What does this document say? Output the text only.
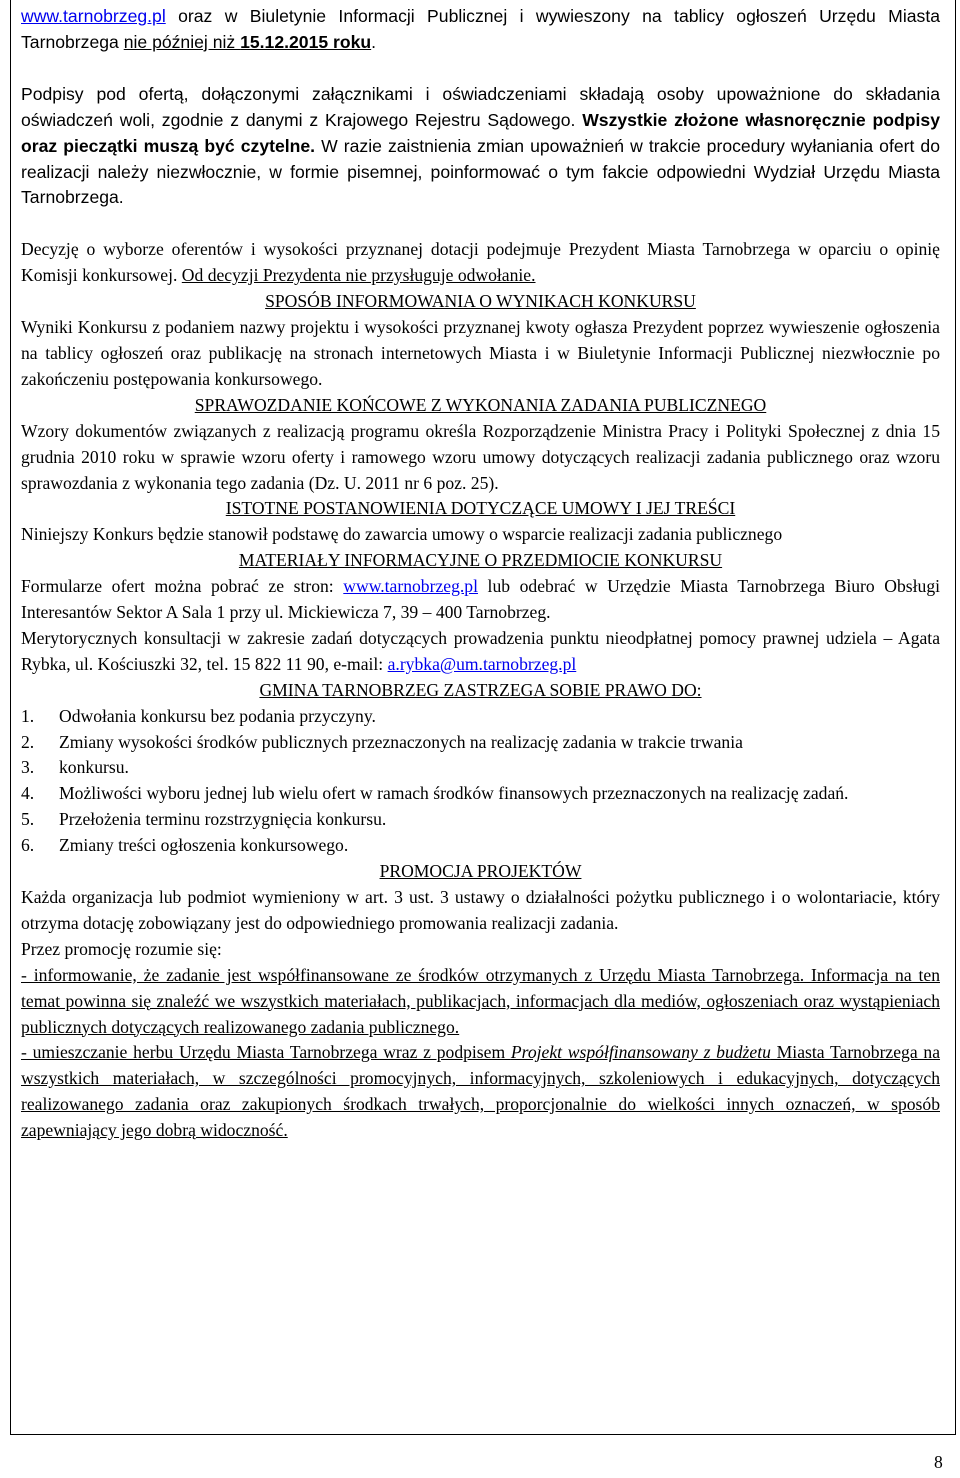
www.tarnobrzeg.pl oraz w Biuletynie Informacji Publicznej i wywieszony na tablicy ogłoszeń Urzędu Miasta Tarnobrzega nie później niż 15.12.2015 roku.

Podpisy pod ofertą, dołączonymi załącznikami i oświadczeniami składają osoby upoważnione do składania oświadczeń woli, zgodnie z danymi z Krajowego Rejestru Sądowego. Wszystkie złożone własnoręcznie podpisy oraz pieczątki muszą być czytelne. W razie zaistnienia zmian upoważnień w trakcie procedury wyłaniania ofert do realizacji należy niezwłocznie, w formie pisemnej, poinformować o tym fakcie odpowiedni Wydział Urzędu Miasta Tarnobrzega.

Decyzję o wyborze oferentów i wysokości przyznanej dotacji podejmuje Prezydent Miasta Tarnobrzega w oparciu o opinię Komisji konkursowej. Od decyzji Prezydenta nie przysługuje odwołanie.

SPOSÓB INFORMOWANIA O WYNIKACH KONKURSU

Wyniki Konkursu z podaniem nazwy projektu i wysokości przyznanej kwoty ogłasza Prezydent poprzez wywieszenie ogłoszenia na tablicy ogłoszeń oraz publikację na stronach internetowych Miasta i w Biuletynie Informacji Publicznej niezwłocznie po zakończeniu postępowania konkursowego.

SPRAWOZDANIE KOŃCOWE Z WYKONANIA ZADANIA PUBLICZNEGO

Wzory dokumentów związanych z realizacją programu określa Rozporządzenie Ministra Pracy i Polityki Społecznej z dnia 15 grudnia 2010 roku w sprawie wzoru oferty i ramowego wzoru umowy dotyczących realizacji zadania publicznego oraz wzoru sprawozdania z wykonania tego zadania (Dz. U. 2011 nr 6 poz. 25).

ISTOTNE POSTANOWIENIA DOTYCZĄCE UMOWY I JEJ TREŚCI

Niniejszy Konkurs będzie stanowił podstawę do zawarcia umowy o wsparcie realizacji zadania publicznego

MATERIAŁY INFORMACYJNE O PRZEDMIOCIE KONKURSU

Formularze ofert można pobrać ze stron: www.tarnobrzeg.pl lub odebrać w Urzędzie Miasta Tarnobrzega Biuro Obsługi Interesantów Sektor A Sala 1 przy ul. Mickiewicza 7, 39 – 400 Tarnobrzeg.

Merytorycznych konsultacji w zakresie zadań dotyczących prowadzenia punktu nieodpłatnej pomocy prawnej udziela – Agata Rybka, ul. Kościuszki 32, tel. 15 822 11 90, e-mail: a.rybka@um.tarnobrzeg.pl

GMINA TARNOBRZEG ZASTRZEGA SOBIE PRAWO DO:

1. Odwołania konkursu bez podania przyczyny.
2. Zmiany wysokości środków publicznych przeznaczonych na realizację zadania w trakcie trwania
3. konkursu.
4. Możliwości wyboru jednej lub wielu ofert w ramach środków finansowych przeznaczonych na realizację zadań.
5. Przełożenia terminu rozstrzygnięcia konkursu.
6. Zmiany treści ogłoszenia konkursowego.

PROMOCJA PROJEKTÓW

Każda organizacja lub podmiot wymieniony w art. 3 ust. 3 ustawy o działalności pożytku publicznego i o wolontariacie, który otrzyma dotację zobowiązany jest do odpowiedniego promowania realizacji zadania.

Przez promocję rozumie się:

- informowanie, że zadanie jest współfinansowane ze środków otrzymanych z Urzędu Miasta Tarnobrzega. Informacja na ten temat powinna się znaleźć we wszystkich materiałach, publikacjach, informacjach dla mediów, ogłoszeniach oraz wystąpieniach publicznych dotyczących realizowanego zadania publicznego.

- umieszczanie herbu Urzędu Miasta Tarnobrzega wraz z podpisem Projekt współfinansowany z budżetu Miasta Tarnobrzega na wszystkich materiałach, w szczególności promocyjnych, informacyjnych, szkoleniowych i edukacyjnych, dotyczących realizowanego zadania oraz zakupionych środkach trwałych, proporcjonalnie do wielkości innych oznaczeń, w sposób zapewniający jego dobrą widoczność.

8
